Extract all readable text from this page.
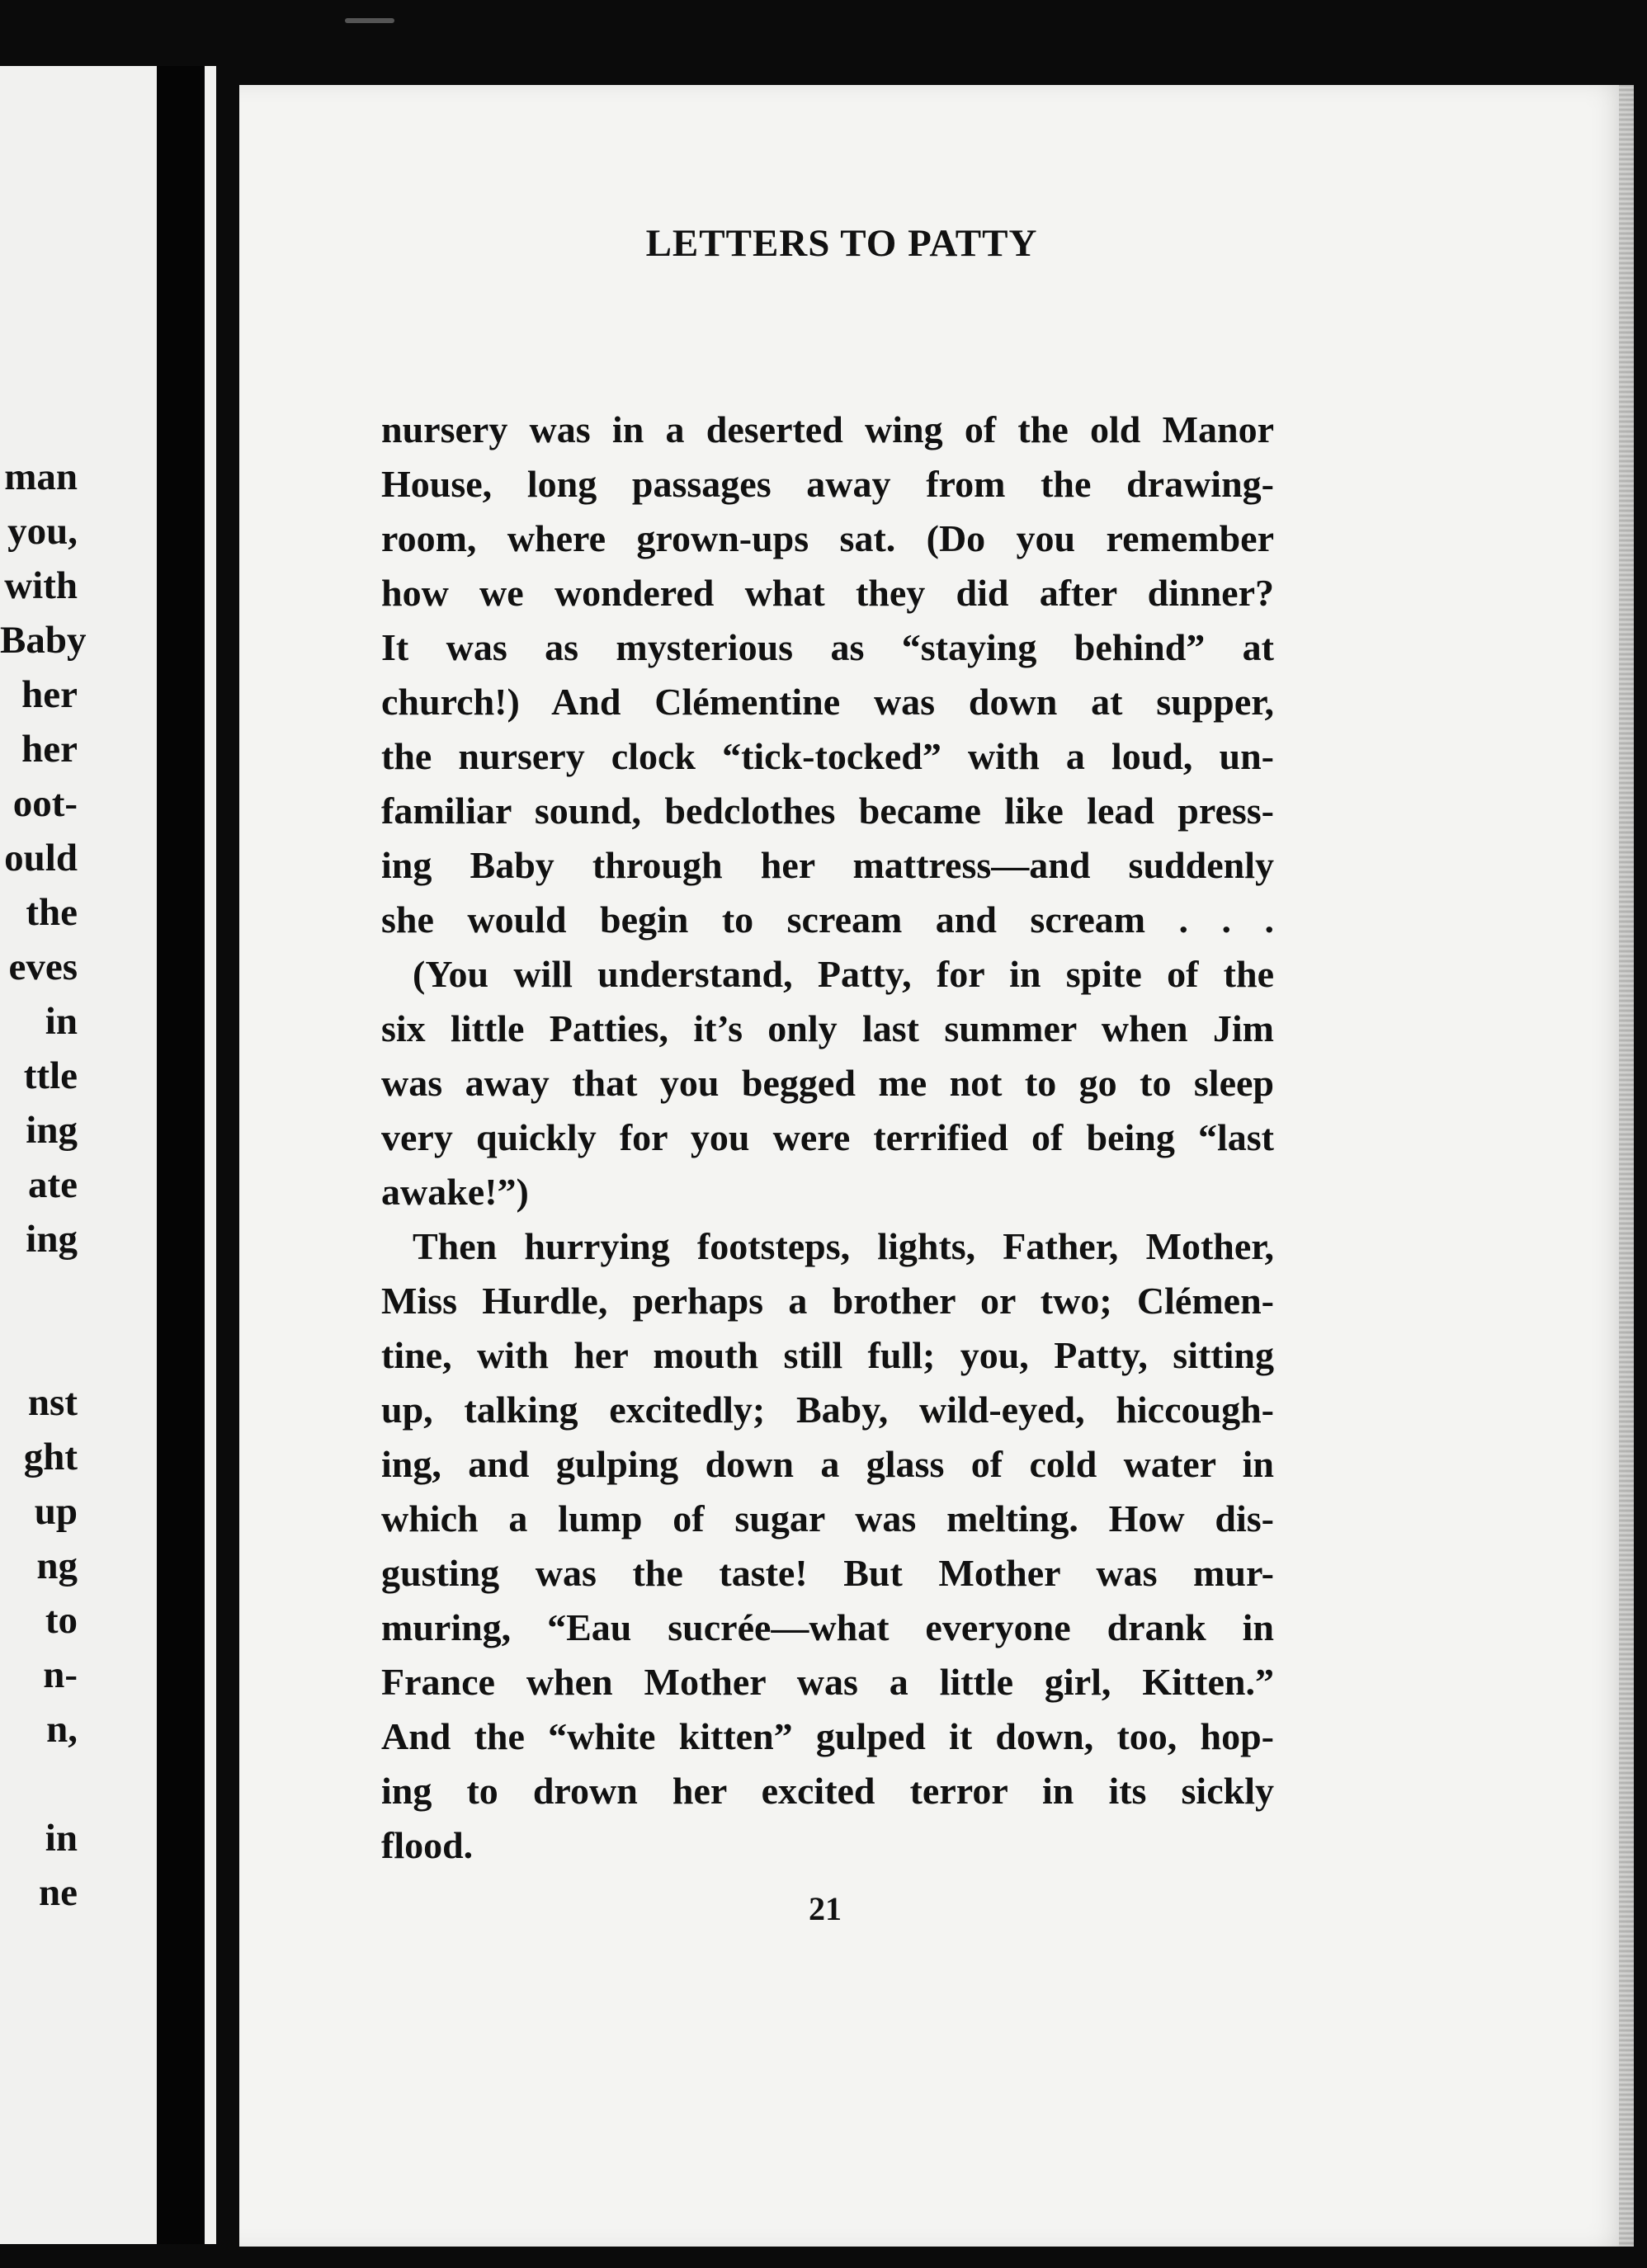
man
you,
with
Baby
her
her
oot-
ould
the
eves
in
ttle
ing
ate
ing
nst
ght
up
ng
to
n-
n,
in
ne
LETTERS TO PATTY
nursery was in a deserted wing of the old Manor
House, long passages away from the drawing-
room, where grown-ups sat. (Do you remember
how we wondered what they did after dinner?
It was as mysterious as “staying behind” at
church!) And Clémentine was down at supper,
the nursery clock “tick-tocked” with a loud, un-
familiar sound, bedclothes became like lead press-
ing Baby through her mattress—and suddenly
she would begin to scream and scream . . .
(You will understand, Patty, for in spite of the
six little Patties, it’s only last summer when Jim
was away that you begged me not to go to sleep
very quickly for you were terrified of being “last
awake!”)
Then hurrying footsteps, lights, Father, Mother,
Miss Hurdle, perhaps a brother or two; Clémen-
tine, with her mouth still full; you, Patty, sitting
up, talking excitedly; Baby, wild-eyed, hiccough-
ing, and gulping down a glass of cold water in
which a lump of sugar was melting. How dis-
gusting was the taste! But Mother was mur-
muring, “Eau sucrée—what everyone drank in
France when Mother was a little girl, Kitten.”
And the “white kitten” gulped it down, too, hop-
ing to drown her excited terror in its sickly
flood.
21
